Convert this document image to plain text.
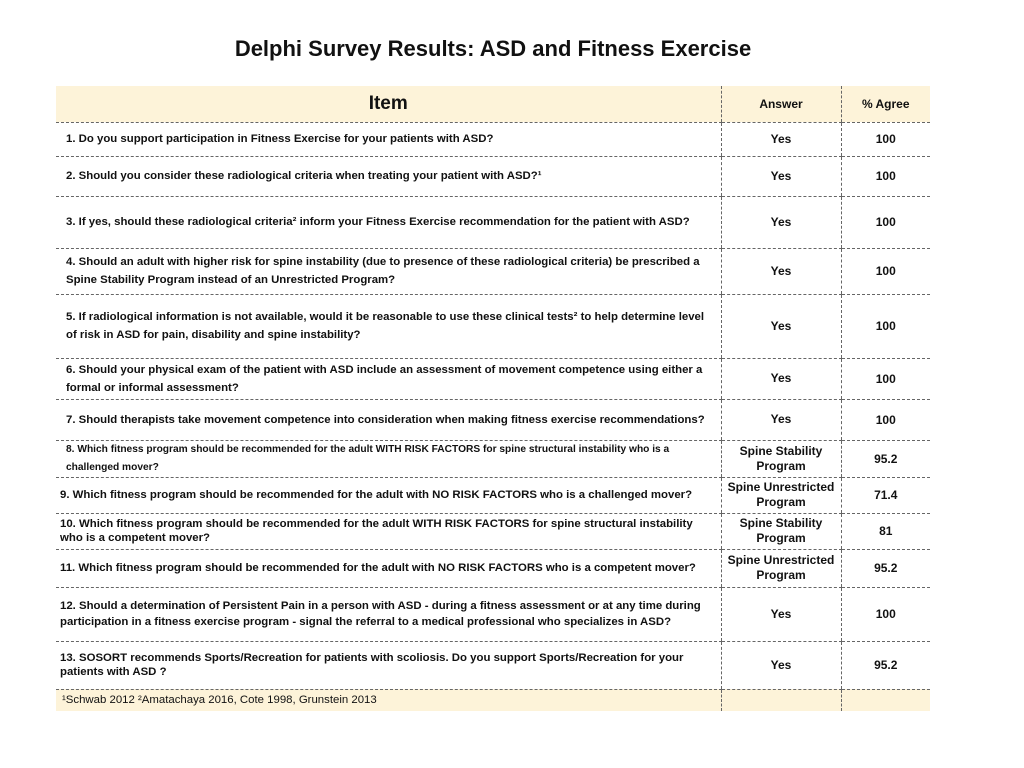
Delphi Survey Results: ASD and Fitness Exercise
Item	Answer	% Agree
1. Do you support participation in Fitness Exercise for your patients with ASD?	Yes	100
2. Should you consider these radiological criteria when treating your patient with ASD?¹	Yes	100
3. If yes, should these radiological criteria² inform your Fitness Exercise recommendation for the patient with ASD?	Yes	100
4. Should an adult with higher risk for spine instability (due to presence of these radiological criteria) be prescribed a Spine Stability Program instead of an Unrestricted Program?	Yes	100
5. If radiological information is not available, would it be reasonable to use these clinical tests² to help determine level of risk in ASD for pain, disability and spine instability?	Yes	100
6. Should your physical exam of the patient with ASD include an assessment of movement competence using either a formal or informal assessment?	Yes	100
7. Should therapists take movement competence into consideration when making fitness exercise recommendations?	Yes	100
8. Which fitness program should be recommended for the adult WITH RISK FACTORS for spine structural instability who is a challenged mover?	Spine Stability Program	95.2
9. Which fitness program should be recommended for the adult with NO RISK FACTORS who is a challenged mover?	Spine Unrestricted Program	71.4
10. Which fitness program should be recommended for the adult WITH RISK FACTORS for spine structural instability who is a competent mover?	Spine Stability Program	81
11. Which fitness program should be recommended for the adult with NO RISK FACTORS who is a competent mover?	Spine Unrestricted Program	95.2
12. Should a determination of Persistent Pain in a person with ASD - during a fitness assessment or at any time during participation in a fitness exercise program - signal the referral to a medical professional who specializes in ASD?	Yes	100
13. SOSORT recommends Sports/Recreation for patients with scoliosis. Do you support Sports/Recreation for your patients with ASD ?	Yes	95.2
¹Schwab 2012 ²Amatachaya 2016, Cote 1998, Grunstein 2013		
